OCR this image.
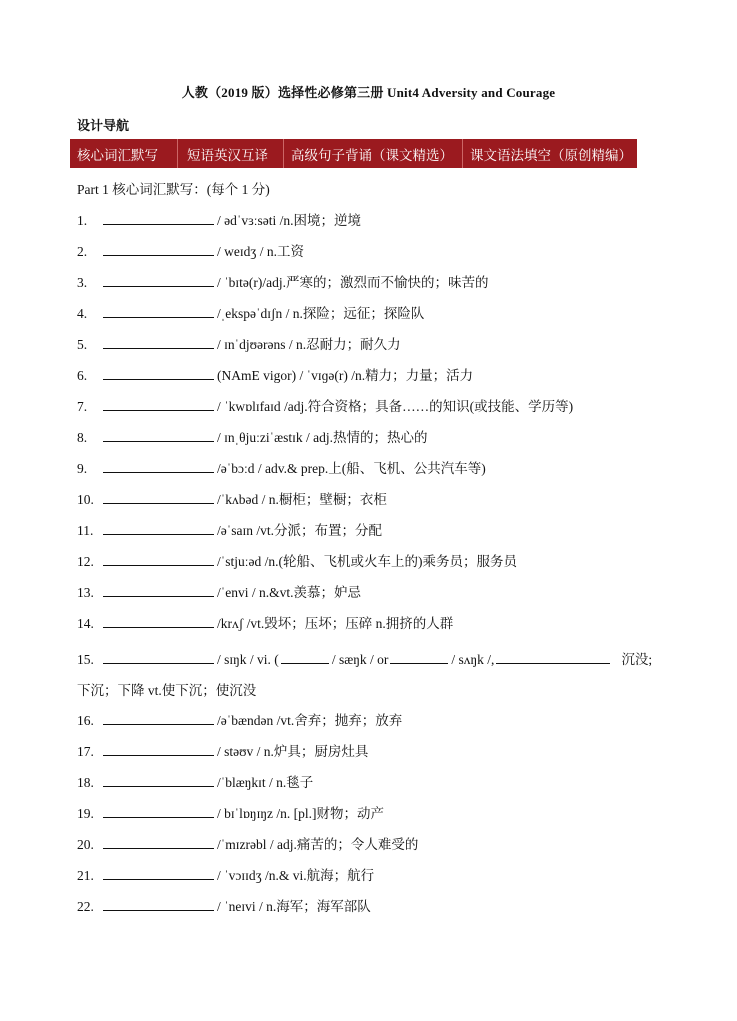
人教（2019 版）选择性必修第三册 Unit4 Adversity and Courage
设计导航
核心词汇默写	短语英汉互译	高级句子背诵（课文精选）	课文语法填空（原创精编）
Part 1 核心词汇默写：(每个 1 分)
1.	/ ədˈvɜːsəti /n.困境；逆境
2.	/ weɪdʒ / n.工资
3.	/ ˈbɪtə(r)/adj.严寒的；激烈而不愉快的；味苦的
4.	/ˌekspəˈdɪʃn / n.探险；远征；探险队
5.	/ ɪnˈdjʊərəns / n.忍耐力；耐久力
6.	(NAmE vigor) / ˈvɪɡə(r) /n.精力；力量；活力
7.	/ ˈkwɒlɪfaɪd /adj.符合资格；具备……的知识(或技能、学历等)
8.	/ ɪnˌθjuːziˈæstɪk / adj.热情的；热心的
9.	/əˈbɔːd / adv.& prep.上(船、飞机、公共汽车等)
10.	/ˈkʌbəd / n.橱柜；壁橱；衣柜
11.	/əˈsaɪn /vt.分派；布置；分配
12.	/ˈstjuːəd /n.(轮船、飞机或火车上的)乘务员；服务员
13.	/ˈenvi / n.&vt.羡慕；妒忌
14.	/krʌʃ /vt.毁坏；压坏；压碎 n.拥挤的人群
15.	/ sɪŋk / vi. (	/ sæŋk / or	/ sʌŋk /,	沉没;
下沉；下降 vt.使下沉；使沉没
16.	/əˈbændən /vt.舍弃；抛弃；放弃
17.	/ stəʊv / n.炉具；厨房灶具
18.	/ˈblæŋkɪt / n.毯子
19.	/ bɪˈlɒŋɪŋz /n. [pl.]财物；动产
20.	/ˈmɪzrəbl / adj.痛苦的；令人难受的
21.	/ ˈvɔɪɪdʒ /n.& vi.航海；航行
22.	/ ˈneɪvi / n.海军；海军部队
